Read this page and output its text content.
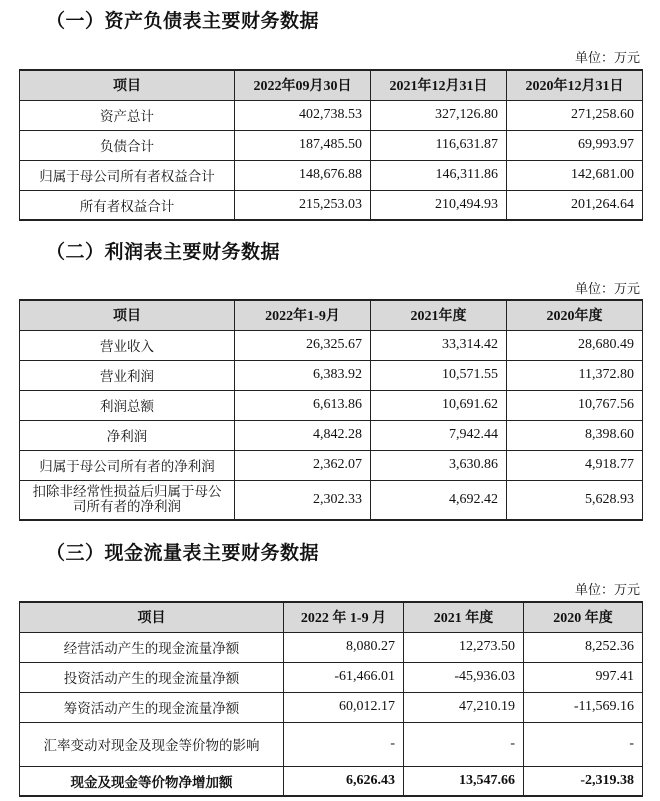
（一）资产负债表主要财务数据
单位：万元
项目	2022年09月30日	2021年12月31日	2020年12月31日
资产总计	402,738.53	327,126.80	271,258.60
负债合计	187,485.50	116,631.87	69,993.97
归属于母公司所有者权益合计	148,676.88	146,311.86	142,681.00
所有者权益合计	215,253.03	210,494.93	201,264.64
（二）利润表主要财务数据
单位：万元
项目	2022年1-9月	2021年度	2020年度
营业收入	26,325.67	33,314.42	28,680.49
营业利润	6,383.92	10,571.55	11,372.80
利润总额	6,613.86	10,691.62	10,767.56
净利润	4,842.28	7,942.44	8,398.60
归属于母公司所有者的净利润	2,362.07	3,630.86	4,918.77
扣除非经常性损益后归属于母公司所有者的净利润	2,302.33	4,692.42	5,628.93
（三）现金流量表主要财务数据
单位：万元
项目	2022 年 1-9 月	2021 年度	2020 年度
经营活动产生的现金流量净额	8,080.27	12,273.50	8,252.36
投资活动产生的现金流量净额	-61,466.01	-45,936.03	997.41
筹资活动产生的现金流量净额	60,012.17	47,210.19	-11,569.16
汇率变动对现金及现金等价物的影响	-	-	-
现金及现金等价物净增加额	6,626.43	13,547.66	-2,319.38
